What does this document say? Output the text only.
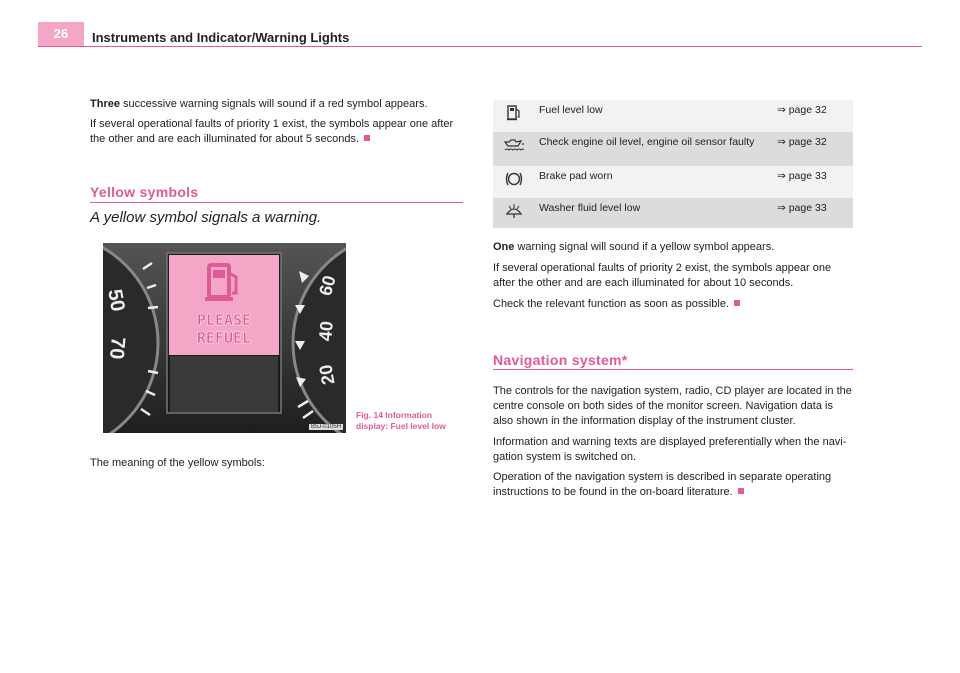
26	Instruments and Indicator/Warning Lights
Three successive warning signals will sound if a red symbol appears.
If several operational faults of priority 1 exist, the symbols appear one after the other and are each illuminated for about 5 seconds.
Yellow symbols
A yellow symbol signals a warning.
50
70
60
40
20
PLEASE
REFUEL
B5J-0105H
Fig. 14 Information
display: Fuel level low
The meaning of the yellow symbols:
	Fuel level low	⇒ page 32
	Check engine oil level, engine oil sensor faulty	⇒ page 32
	Brake pad worn	⇒ page 33
	Washer fluid level low	⇒ page 33
One warning signal will sound if a yellow symbol appears.
If several operational faults of priority 2 exist, the symbols appear one after the other and are each illuminated for about 10 seconds.
Check the relevant function as soon as possible.
Navigation system*
The controls for the navigation system, radio, CD player are located in the centre console on both sides of the monitor screen. Navigation data is also shown in the information display of the instrument cluster.
Information and warning texts are displayed preferentially when the navi-gation system is switched on.
Operation of the navigation system is described in separate operating instructions to be found in the on-board literature.
